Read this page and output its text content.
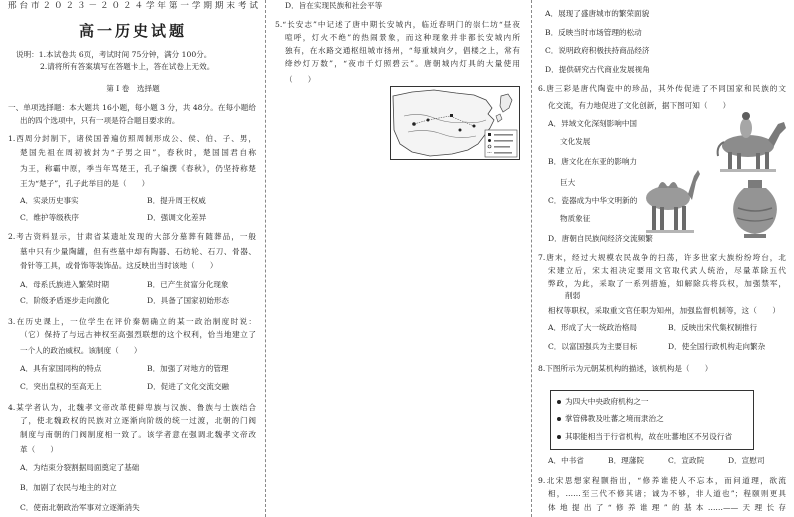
邢台市２０２３－２０２４学年第一学期期末考试
高一历史试题
说明：1.本试卷共 6页，考试时间 75分钟，满分 100分。
2.请将所有答案填写在答题卡上，答在试卷上无效。
第 Ⅰ 卷　选择题
一、单项选择题：本大题共 16小题，每小题 3 分，共 48分。在每小题给
出的四个选项中，只有一项是符合题目要求的。
1.西周分封制下，诸侯国普遍仿照周制形成公、侯、伯、子、男，
楚国先祖在周初被封为“子男之田”，春秋时，楚国国君自称
为王，称霸中原，季当年骂楚王，孔子编撰《春秋》，仍坚持称楚
王为“楚子”，孔子此举目的是（　　）
A．实录历史事实	B．提升周王权威
C．维护等级秩序	D．强调文化差异
2.考古资料显示，甘肃省某遗址发现的大部分墓葬有随葬品，一般
墓中只有少量陶罐，但有些墓中却有陶器、石纺轮、石刀、骨器、
骨针等工具，或骨饰等装饰品。这反映出当时该地（　　）
A．母系氏族进入繁荣时期	B．已产生贫富分化现象
C．阶级矛盾逐步走向激化	D．具备了国家初始形态
3.在历史课上，一位学生在评价秦朝确立的某一政治制度时说：
（它）保持了与远古神权至高强烈联想的这个权利，恰当地建立了
一个人的政治威权。该制度（　　）
A．具有家国同构的特点	B．加强了对地方的管理
C．突出皇权的至高无上	D．促进了文化交流交融
4.某学者认为，北魏孝文帝改革使鲜卑族与汉族、鲁族与士族结合
了，使北魏政权的民族对立逐渐向阶级的统一过渡，北朝的门阀
制度与南朝的门阀制度相一致了。该学者意在强调北魏孝文帝改
革（　　）
A．为结束分裂割据局面奠定了基础
B．加剧了农民与地主的对立
C．使南北朝政治军事对立逐渐消失
D．旨在实现民族和社会平等
5.“长安志”中记述了唐中期长安城内，临近春明门的崇仁坊“昼夜
喧呼，灯火不绝”的热闹景象，而这种现象并非都长安城内所
独有，在水路交通枢纽城市扬州，“每重城向夕，倡楼之上，常有
绛纱灯万数”，“夜市千灯照碧云”。唐朝城内灯具的大量使用
（　　）
A．展现了盛唐城市的繁荣面貌
B．反映当时市场管理的松动
C．说明政府积极扶持商品经济
D．提供研究古代商业发展视角
6.唐三彩是唐代陶瓷中的珍品，其外传促进了不同国家和民族的文
化交流，有力地促进了文化创新，据下图可知（　　）
A．异域文化深刻影响中国
文化发展
B．唐文化在东亚的影响力
巨大
C．瓷器成为中华文明新的
物质象征
D．唐朝自民族间经济交流频繁
7.唐末，经过大规模农民战争的扫荡，许多世家大族纷纷垮台，北
宋建立后，宋太祖决定要用文官取代武人统治，尽量革除五代
弊政，为此，采取了一系列措施，如解除兵将兵权，加强禁军，
削弱
相权等职权，采取重文官任职为知州，加强监督机制等，这（　　）
A．形成了大一统政治格局	B．反映出宋代集权制推行
C．以富国强兵为主要目标	D．使全国行政机构走向繁杂
8.下图所示为元朝某机构的描述，该机构是（　　）
为四大中央政府机构之一
掌管佛教及吐蕃之境而隶治之
其职能相当于行省机构，故在吐蕃地区不另设行省
A．中书省	B．理藩院	C．宣政院	D．宣慰司
9.北宋思想家程颢指出，“修养谁使人不忘本，而问道理，欲流
相，……至三代不修其诸；诚为不够，非人道也”；程颐则更具
体地提出了“修养谁理”的基本……——天理长存
